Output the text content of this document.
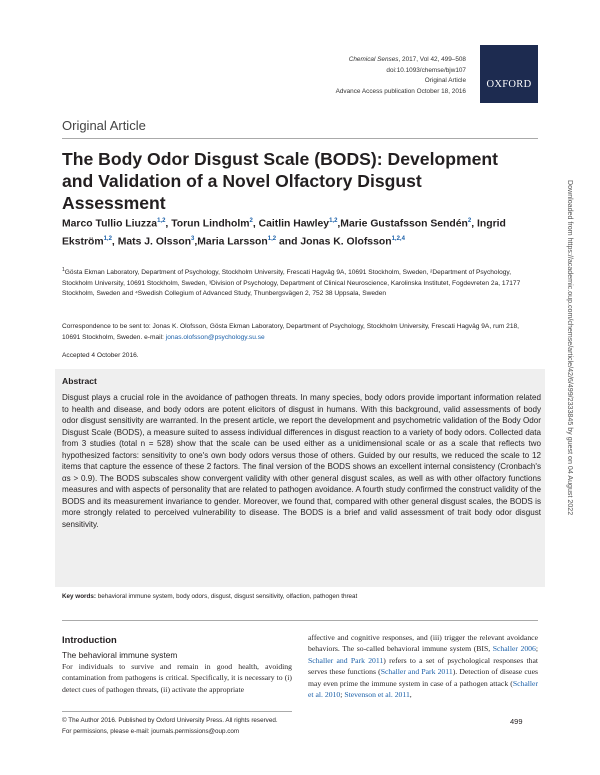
Chemical Senses, 2017, Vol 42, 499–508
doi:10.1093/chemse/bjw107
Original Article
Advance Access publication October 18, 2016
OXFORD
Original Article
The Body Odor Disgust Scale (BODS): Development and Validation of a Novel Olfactory Disgust Assessment
Marco Tullio Liuzza$^{1,2}$, Torun Lindholm$^2$, Caitlin Hawley$^{1,2}$,Marie Gustafsson Sendén$^2$, Ingrid Ekström$^{1,2}$, Mats J. Olsson$^3$,Maria Larsson$^{1,2}$ and Jonas K. Olofsson$^{1,2,4}$
$^1$Gösta Ekman Laboratory, Department of Psychology, Stockholm University, Frescati Hagväg 9A, 10691 Stockholm, Sweden, ²Department of Psychology, Stockholm University, 10691 Stockholm, Sweden, ³Division of Psychology, Department of Clinical Neuroscience, Karolinska Institutet, Fogdevreten 2a, 17177 Stockholm, Sweden and ⁴Swedish Collegium of Advanced Study, Thunbergsvägen 2, 752 38 Uppsala, Sweden
Correspondence to be sent to: Jonas K. Olofsson, Gösta Ekman Laboratory, Department of Psychology, Stockholm University, Frescati Hagväg 9A, rum 218, 10691 Stockholm, Sweden. e-mail: jonas.olofsson@psychology.su.se
Accepted 4 October 2016.
Abstract
Disgust plays a crucial role in the avoidance of pathogen threats. In many species, body odors provide important information related to health and disease, and body odors are potent elicitors of disgust in humans. With this background, valid assessments of body odor disgust sensitivity are warranted. In the present article, we report the development and psychometric validation of the Body Odor Disgust Scale (BODS), a measure suited to assess individual differences in disgust reaction to a variety of body odors. Collected data from 3 studies (total n = 528) show that the scale can be used either as a unidimensional scale or as a scale that reflects two hypothesized factors: sensitivity to one's own body odors versus those of others. Guided by our results, we reduced the scale to 12 items that capture the essence of these 2 factors. The final version of the BODS shows an excellent internal consistency (Cronbach's αs > 0.9). The BODS subscales show convergent validity with other general disgust scales, as well as with other olfactory functions measures and with aspects of personality that are related to pathogen avoidance. A fourth study confirmed the construct validity of the BODS and its measurement invariance to gender. Moreover, we found that, compared with other general disgust scales, the BODS is more strongly related to perceived vulnerability to disease. The BODS is a brief and valid assessment of trait body odor disgust sensitivity.
Key words: behavioral immune system, body odors, disgust, disgust sensitivity, olfaction, pathogen threat
Introduction
The behavioral immune system
For individuals to survive and remain in good health, avoiding contamination from pathogens is critical. Specifically, it is necessary to (i) detect cues of pathogen threats, (ii) activate the appropriate
affective and cognitive responses, and (iii) trigger the relevant avoidance behaviors. The so-called behavioral immune system (BIS, Schaller 2006; Schaller and Park 2011) refers to a set of psychological responses that serves these functions (Schaller and Park 2011). Detection of disease cues may even prime the immune system in case of a pathogen attack (Schaller et al. 2010; Stevenson et al. 2011,
© The Author 2016. Published by Oxford University Press. All rights reserved.
For permissions, please e-mail: journals.permissions@oup.com
499
Downloaded from https://academic.oup.com/chemse/article/42/6/499/2333845 by guest on 04 August 2022
